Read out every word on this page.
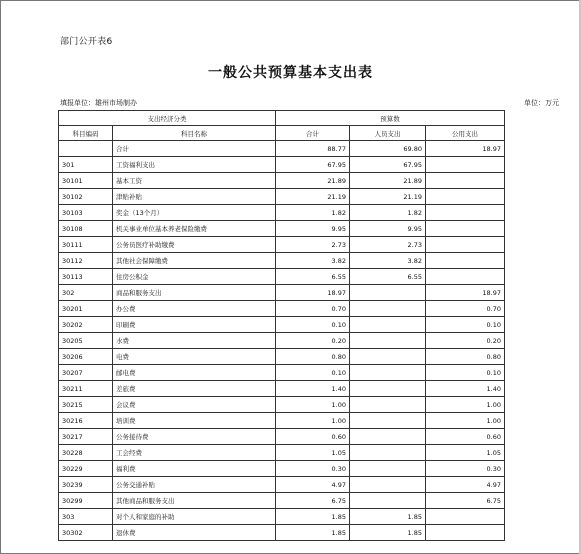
部门公开表6
一般公共预算基本支出表
填报单位：雄州市场制办	单位：万元
支出经济分类		预算数		
科目编码	科目名称	合计	人员支出	公用支出
	合计	88.77	69.80	18.97
301	工资福利支出	67.95	67.95	
30101	基本工资	21.89	21.89	
30102	津贴补贴	21.19	21.19	
30103	奖金（13个月）	1.82	1.82	
30108	机关事业单位基本养老保险缴费	9.95	9.95	
30111	公务员医疗补助缴费	2.73	2.73	
30112	其他社会保障缴费	3.82	3.82	
30113	住房公积金	6.55	6.55	
302	商品和服务支出	18.97		18.97
30201	办公费	0.70		0.70
30202	印刷费	0.10		0.10
30205	水费	0.20		0.20
30206	电费	0.80		0.80
30207	邮电费	0.10		0.10
30211	差旅费	1.40		1.40
30215	会议费	1.00		1.00
30216	培训费	1.00		1.00
30217	公务接待费	0.60		0.60
30228	工会经费	1.05		1.05
30229	福利费	0.30		0.30
30239	公务交通补贴	4.97		4.97
30299	其他商品和服务支出	6.75		6.75
303	对个人和家庭的补助	1.85	1.85	
30302	退休费	1.85	1.85	
